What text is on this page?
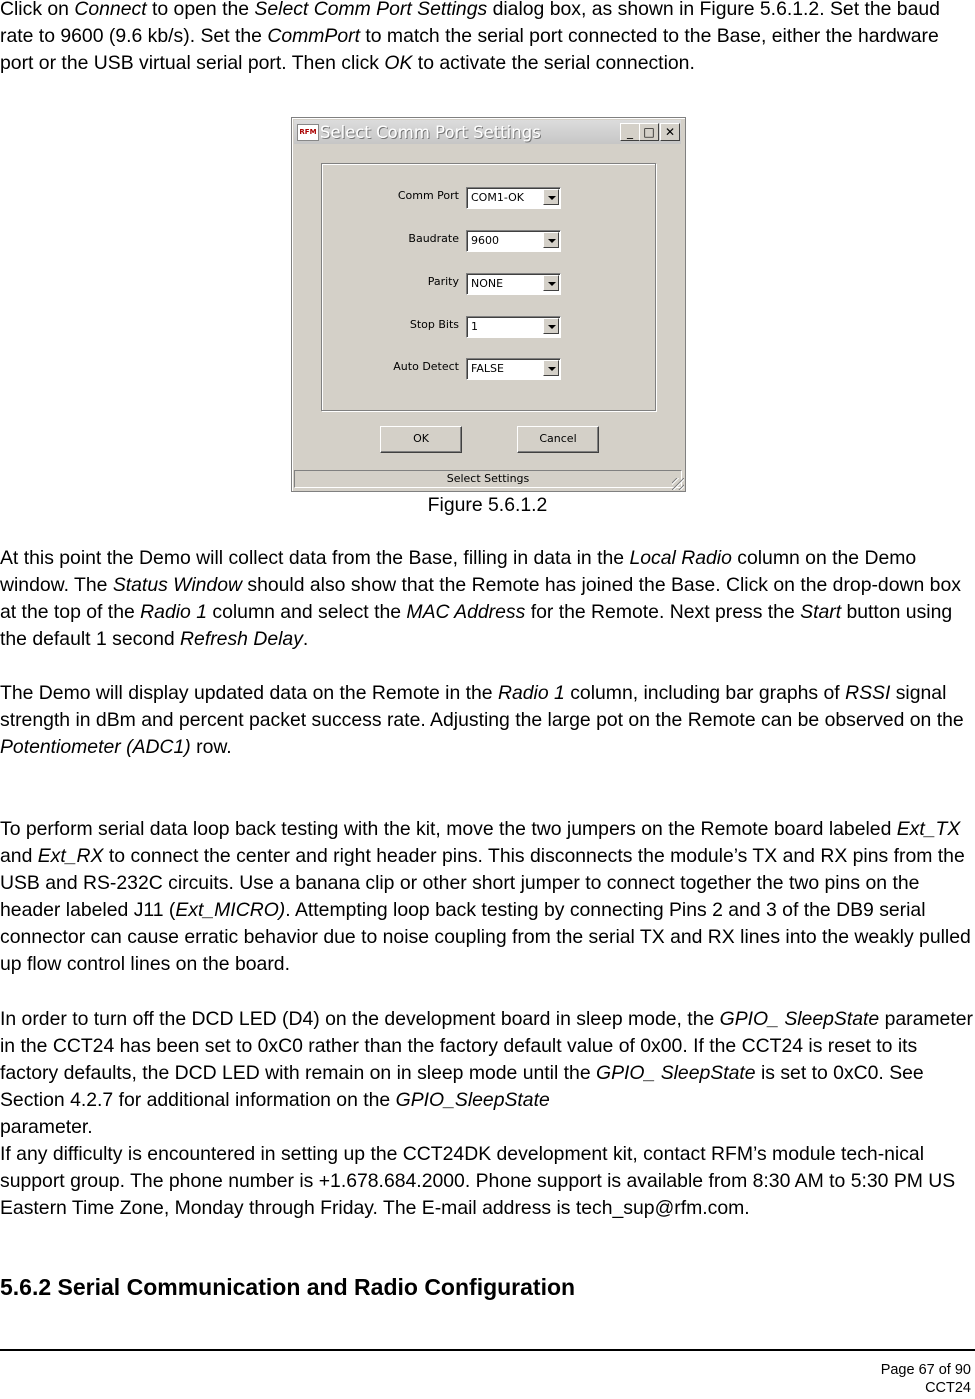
Click on Connect to open the Select Comm Port Settings dialog box, as shown in Figure 5.6.1.2. Set the baud rate to 9600 (9.6 kb/s). Set the CommPort to match the serial port connected to the Base, either the hardware port or the USB virtual serial port. Then click OK to activate the serial connection.

RFM Select Comm Port Settings	_ □ ✕
Comm Port COM1-OK
Baudrate 9600
Parity NONE
Stop Bits 1
Auto Detect FALSE
OK	Cancel
Select Settings
Figure 5.6.1.2

At this point the Demo will collect data from the Base, filling in data in the Local Radio column on the Demo window. The Status Window should also show that the Remote has joined the Base. Click on the drop-down box at the top of the Radio 1 column and select the MAC Address for the Remote. Next press the Start button using the default 1 second Refresh Delay.

The Demo will display updated data on the Remote in the Radio 1 column, including bar graphs of RSSI signal strength in dBm and percent packet success rate. Adjusting the large pot on the Remote can be observed on the Potentiometer (ADC1) row.

To perform serial data loop back testing with the kit, move the two jumpers on the Remote board labeled Ext_TX and Ext_RX to connect the center and right header pins. This disconnects the module’s TX and RX pins from the USB and RS-232C circuits. Use a banana clip or other short jumper to connect together the two pins on the header labeled J11 (Ext_MICRO). Attempting loop back testing by connecting Pins 2 and 3 of the DB9 serial connector can cause erratic behavior due to noise coupling from the serial TX and RX lines into the weakly pulled up flow control lines on the board.

In order to turn off the DCD LED (D4) on the development board in sleep mode, the GPIO_ SleepState parameter in the CCT24 has been set to 0xC0 rather than the factory default value of 0x00. If the CCT24 is reset to its factory defaults, the DCD LED with remain on in sleep mode until the GPIO_ SleepState is set to 0xC0. See Section 4.2.7 for additional information on the GPIO_SleepState
parameter.

If any difficulty is encountered in setting up the CCT24DK development kit, contact RFM’s module tech-nical support group. The phone number is +1.678.684.2000. Phone support is available from 8:30 AM to 5:30 PM US Eastern Time Zone, Monday through Friday. The E-mail address is tech_sup@rfm.com.

5.6.2 Serial Communication and Radio Configuration
Page 67 of 90
CCT24
